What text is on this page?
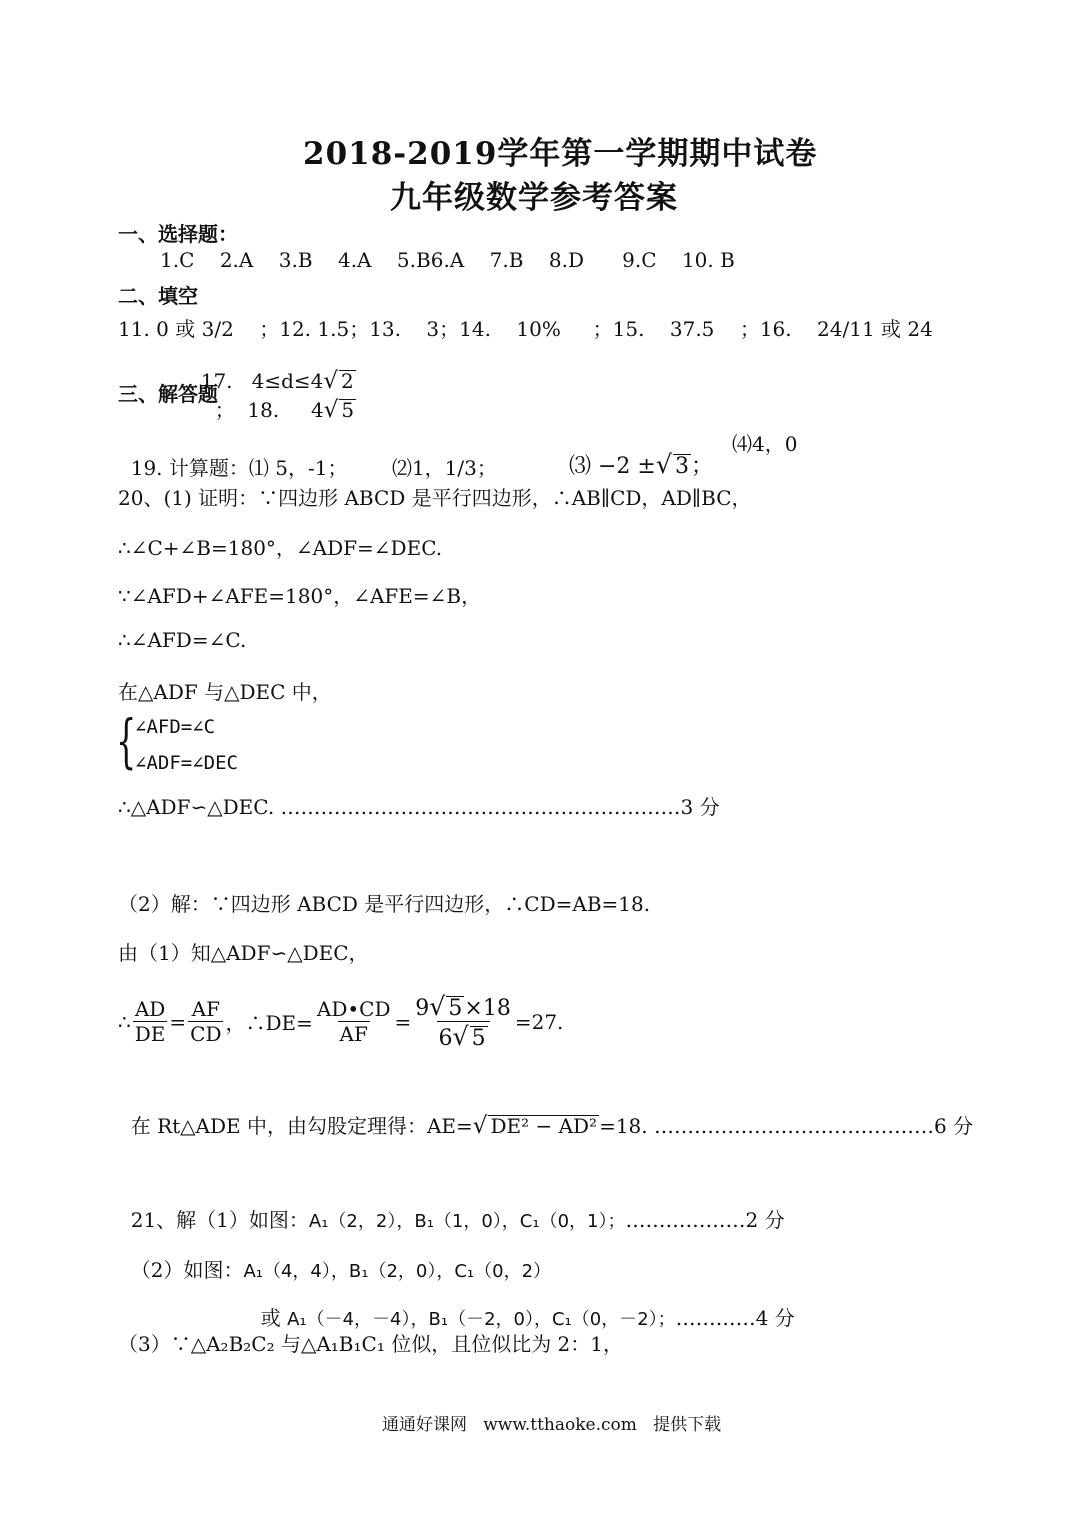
2018-2019学年第一学期期中试卷
九年级数学参考答案
一、选择题：
1.C    2.A    3.B    4.A    5.B6.A    7.B    8.D      9.C    10. B
二、填空
11. 0 或 3/2    ；12. 1.5；13.    3；14.    10%     ；15.    37.5    ；16.    24/11 或 24

17.   4≤d≤4√ 2
；  18.     4√ 5

三、解答题

19. 计算题：⑴ 5，-1；       ⑵1，1/3；	⑶ −2 ±√ 3；

⑷4，0
20、(1) 证明：∵四边形 ABCD 是平行四边形，∴AB∥CD，AD∥BC，
∴∠C+∠B=180°，∠ADF=∠DEC.
∵∠AFD+∠AFE=180°，∠AFE=∠B，
∴∠AFD=∠C.
在△ADF 与△DEC 中，
{
∠AFD=∠C
∠ADF=∠DEC
∴△ADF∽△DEC. ……………………………………………………3 分
（2）解：∵四边形 ABCD 是平行四边形，∴CD=AB=18.
由（1）知△ADF∽△DEC，
∴ $\frac{AD}{DE} = \frac{AF}{CD}$ ，∴DE= $\frac{AD•CD}{AF} = \frac{9√ 5\times 18}{6√ 5} =27$.

在 Rt△ADE 中，由勾股定理得：AE=√ DE² − AD² =18. ……………………………………6 分

21、解（1）如图：A₁（2，2），B₁（1，0），C₁（0，1）；………………2 分

（2）如图：A₁（4，4），B₁（2，0），C₁（0，2）

或 A₁（－4，－4），B₁（－2，0），C₁（0，－2）；…………4 分

（3）∵△A₂B₂C₂ 与△A₁B₁C₁ 位似，且位似比为 2：1，
通通好课网   www.tthaoke.com   提供下载
